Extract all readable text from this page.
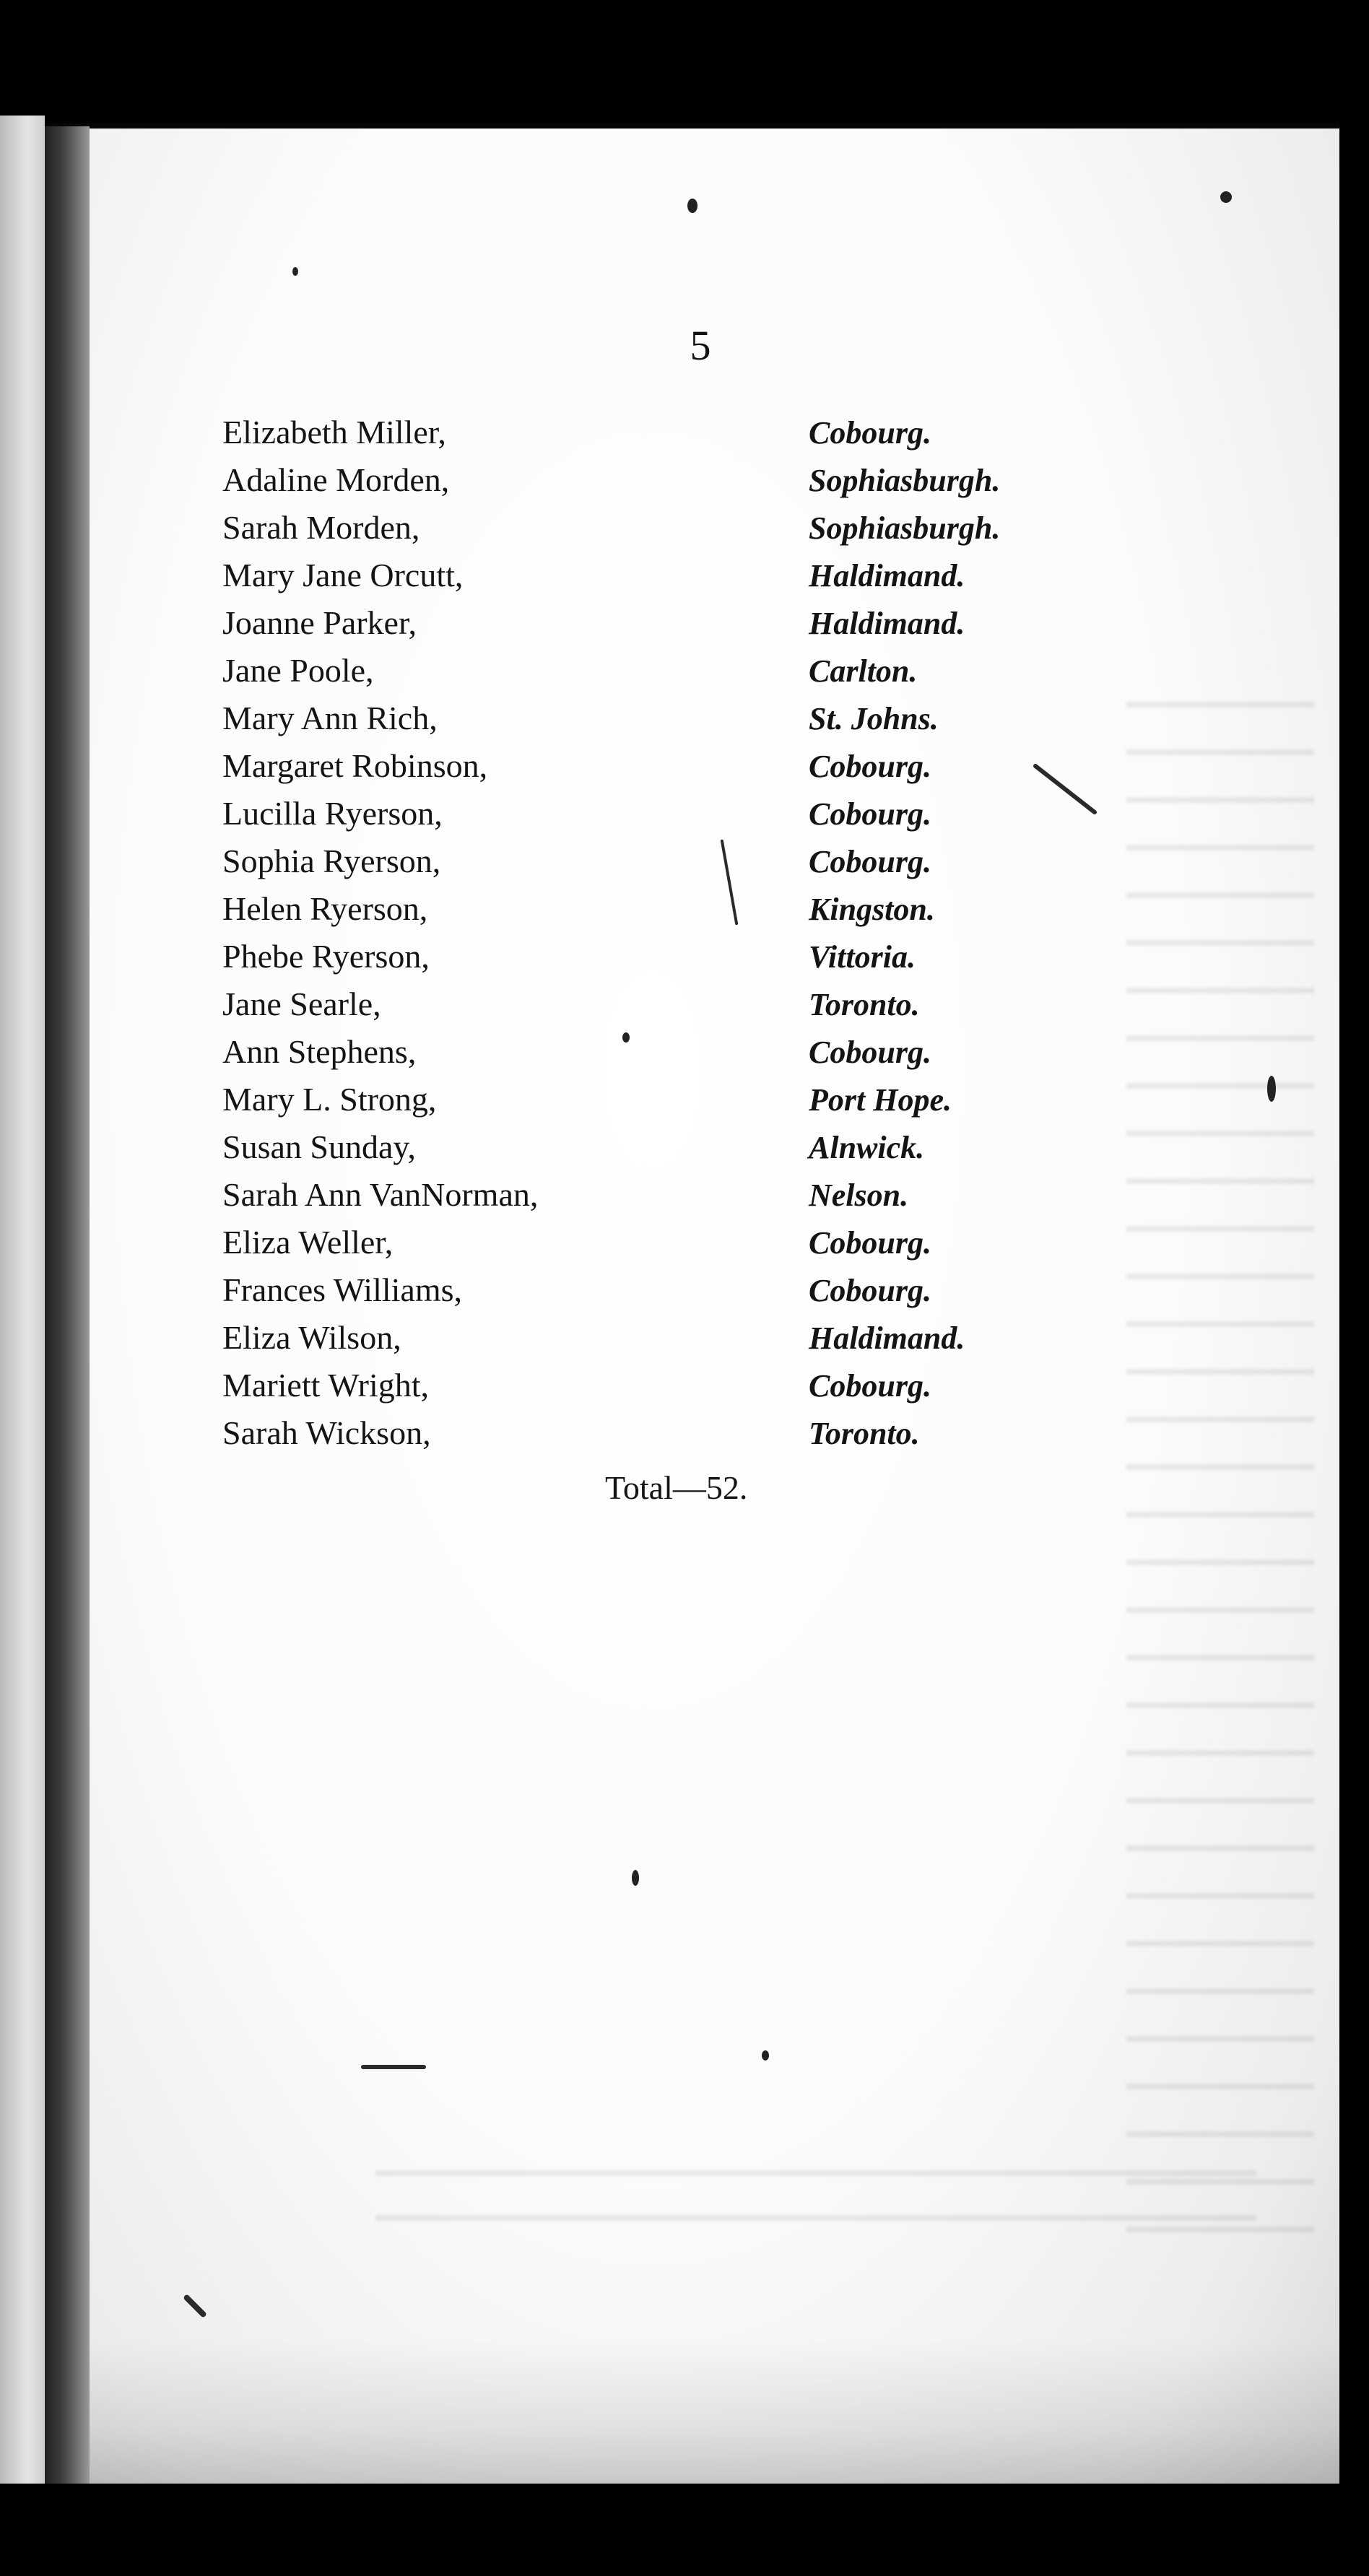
5
Elizabeth Miller,	Cobourg.
Adaline Morden,	Sophiasburgh.
Sarah Morden,	Sophiasburgh.
Mary Jane Orcutt,	Haldimand.
Joanne Parker,	Haldimand.
Jane Poole,	Carlton.
Mary Ann Rich,	St. Johns.
Margaret Robinson,	Cobourg.
Lucilla Ryerson,	Cobourg.
Sophia Ryerson,	Cobourg.
Helen Ryerson,	Kingston.
Phebe Ryerson,	Vittoria.
Jane Searle,	Toronto.
Ann Stephens,	Cobourg.
Mary L. Strong,	Port Hope.
Susan Sunday,	Alnwick.
Sarah Ann VanNorman,	Nelson.
Eliza Weller,	Cobourg.
Frances Williams,	Cobourg.
Eliza Wilson,	Haldimand.
Mariett Wright,	Cobourg.
Sarah Wickson,	Toronto.
Total—52.
